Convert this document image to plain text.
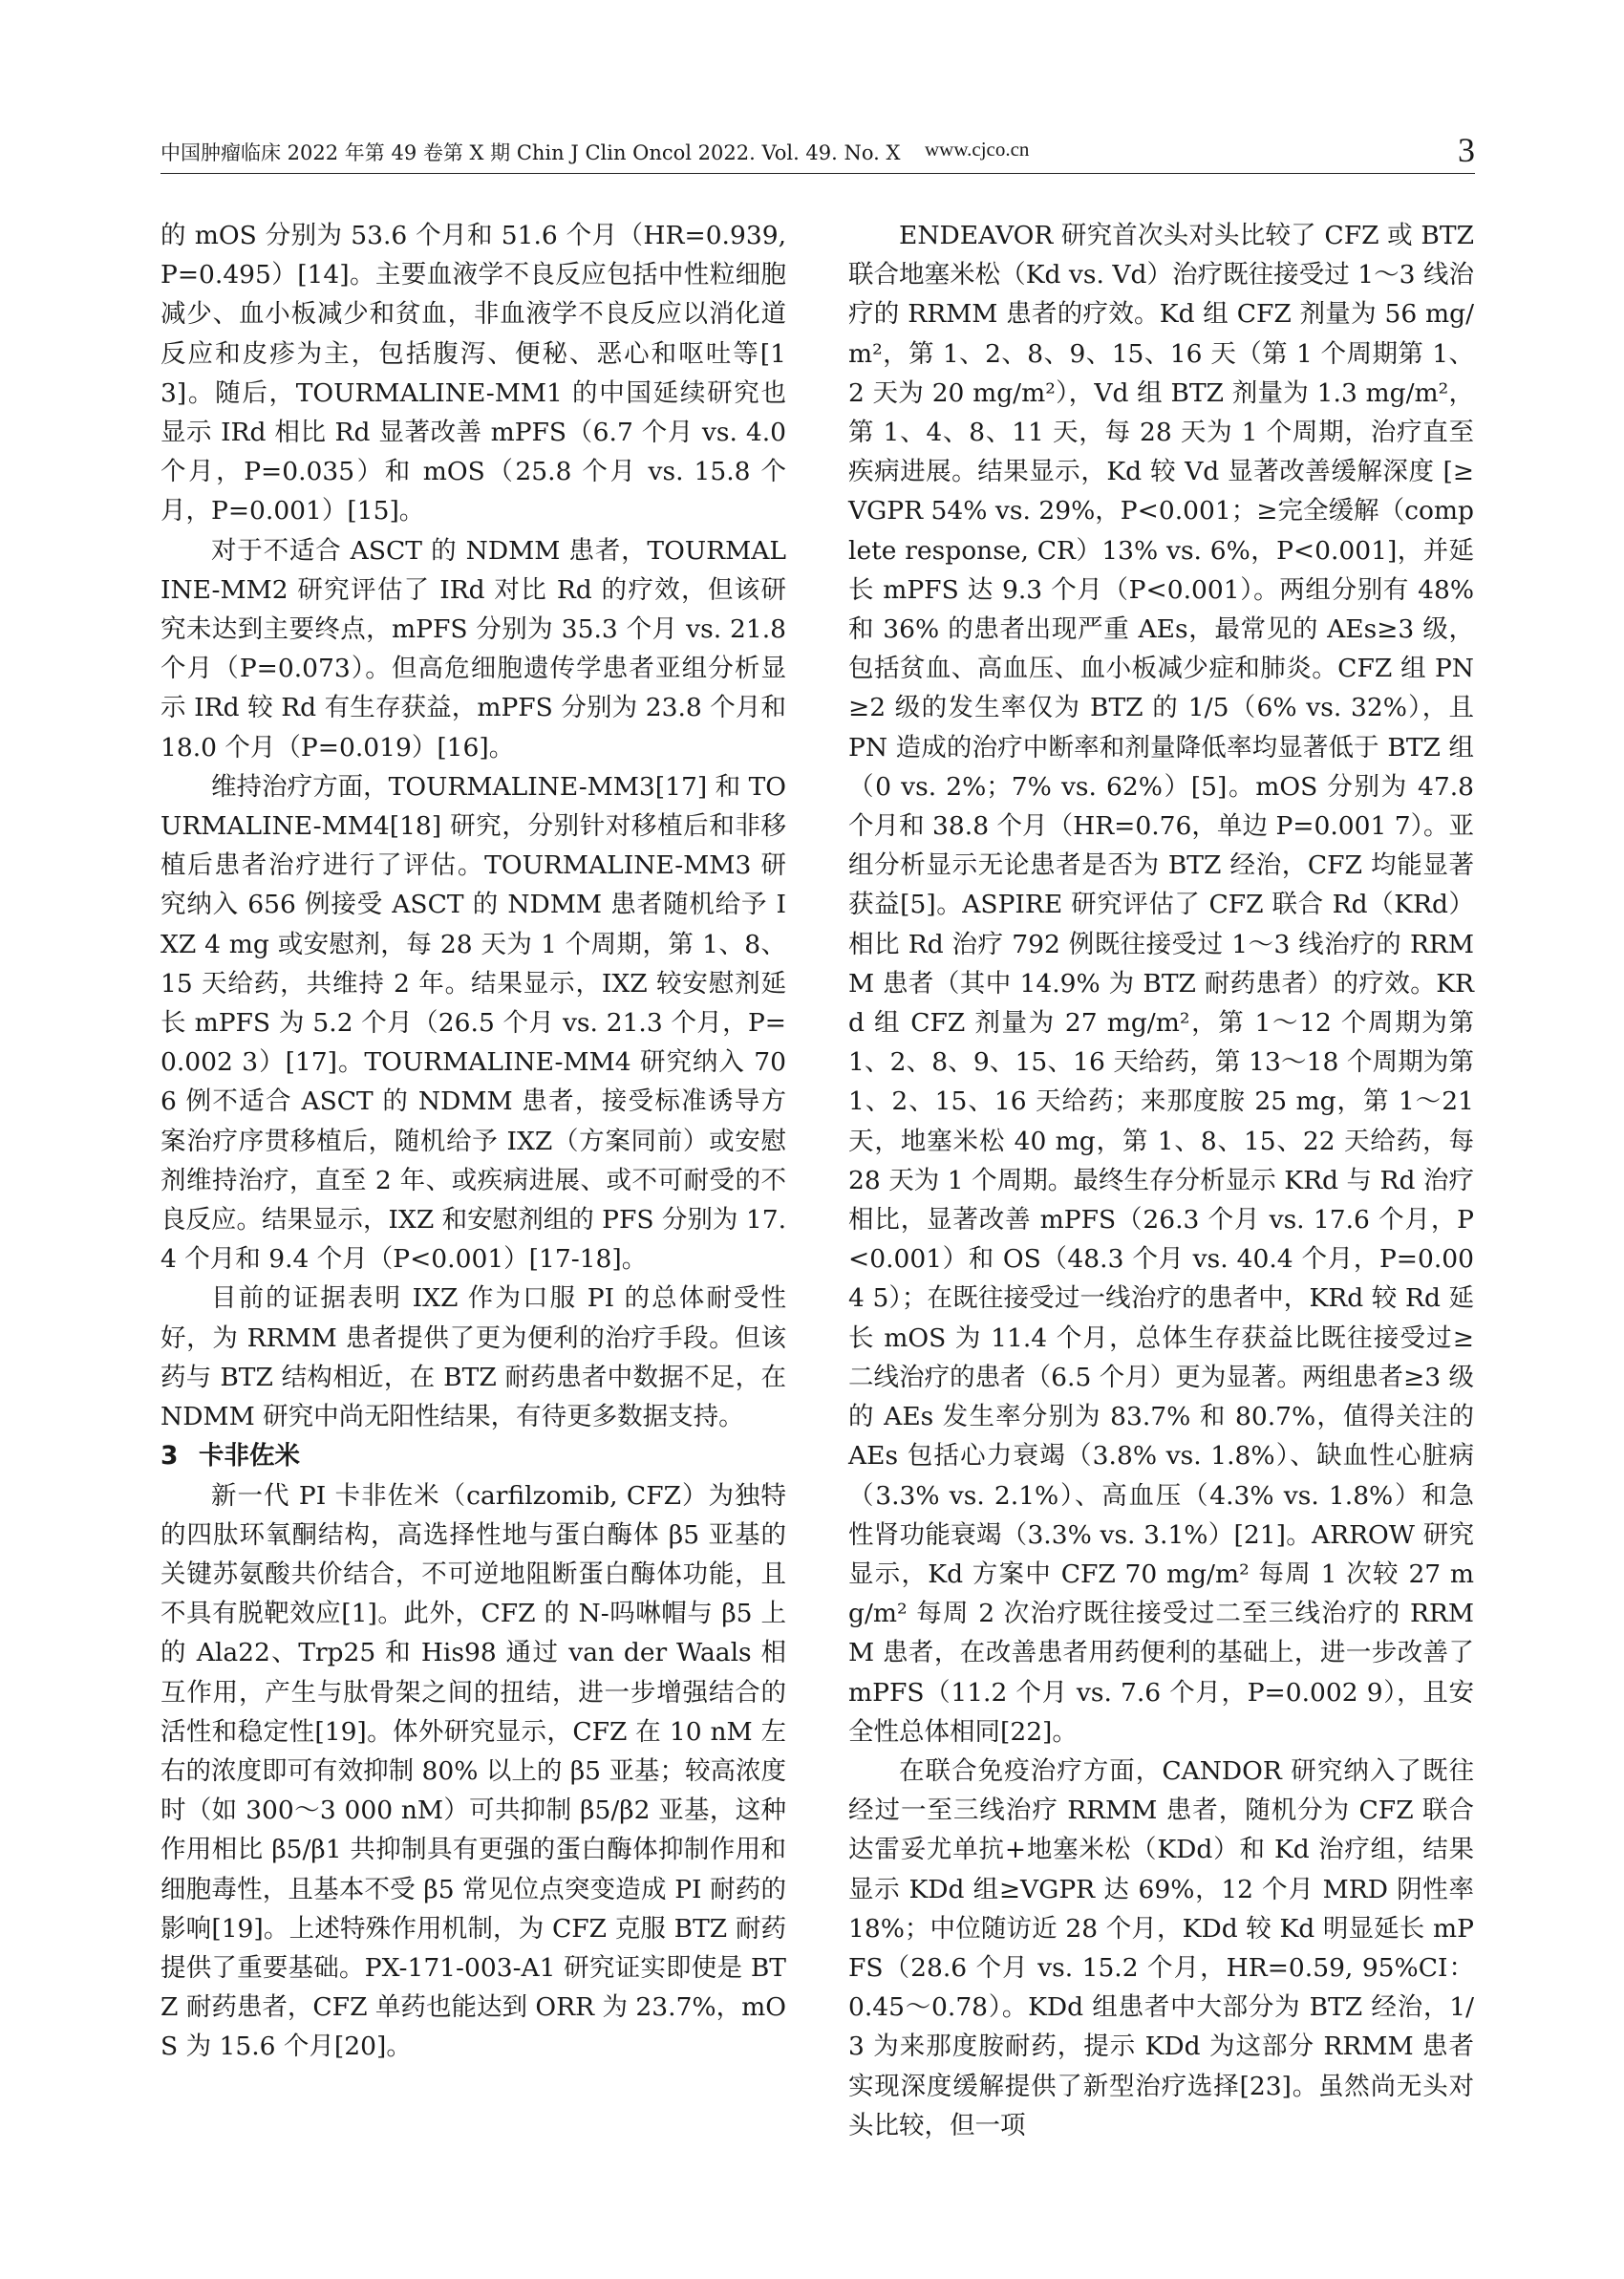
中国肿瘤临床 2022 年第 49 卷第 X 期 Chin J Clin Oncol 2022. Vol. 49. No. X www.cjco.cn	3

的 mOS 分别为 53.6 个月和 51.6 个月（HR=0.939, P=0.495）[14]。主要血液学不良反应包括中性粒细胞减少、血小板减少和贫血，非血液学不良反应以消化道反应和皮疹为主，包括腹泻、便秘、恶心和呕吐等[13]。随后，TOURMALINE-MM1 的中国延续研究也显示 IRd 相比 Rd 显著改善 mPFS（6.7 个月 vs. 4.0 个月，P=0.035）和 mOS（25.8 个月 vs. 15.8 个月，P=0.001）[15]。

对于不适合 ASCT 的 NDMM 患者，TOURMALINE-MM2 研究评估了 IRd 对比 Rd 的疗效，但该研究未达到主要终点，mPFS 分别为 35.3 个月 vs. 21.8 个月（P=0.073）。但高危细胞遗传学患者亚组分析显示 IRd 较 Rd 有生存获益，mPFS 分别为 23.8 个月和 18.0 个月（P=0.019）[16]。

维持治疗方面，TOURMALINE-MM3[17] 和 TOURMALINE-MM4[18] 研究，分别针对移植后和非移植后患者治疗进行了评估。TOURMALINE-MM3 研究纳入 656 例接受 ASCT 的 NDMM 患者随机给予 IXZ 4 mg 或安慰剂，每 28 天为 1 个周期，第 1、8、15 天给药，共维持 2 年。结果显示，IXZ 较安慰剂延长 mPFS 为 5.2 个月（26.5 个月 vs. 21.3 个月，P=0.002 3）[17]。TOURMALINE-MM4 研究纳入 706 例不适合 ASCT 的 NDMM 患者，接受标准诱导方案治疗序贯移植后，随机给予 IXZ（方案同前）或安慰剂维持治疗，直至 2 年、或疾病进展、或不可耐受的不良反应。结果显示，IXZ 和安慰剂组的 PFS 分别为 17.4 个月和 9.4 个月（P<0.001）[17-18]。

目前的证据表明 IXZ 作为口服 PI 的总体耐受性好，为 RRMM 患者提供了更为便利的治疗手段。但该药与 BTZ 结构相近，在 BTZ 耐药患者中数据不足，在 NDMM 研究中尚无阳性结果，有待更多数据支持。

3 卡非佐米

新一代 PI 卡非佐米（carfilzomib, CFZ）为独特的四肽环氧酮结构，高选择性地与蛋白酶体 β5 亚基的关键苏氨酸共价结合，不可逆地阻断蛋白酶体功能，且不具有脱靶效应[1]。此外，CFZ 的 N-吗啉帽与 β5 上的 Ala22、Trp25 和 His98 通过 van der Waals 相互作用，产生与肽骨架之间的扭结，进一步增强结合的活性和稳定性[19]。体外研究显示，CFZ 在 10 nM 左右的浓度即可有效抑制 80% 以上的 β5 亚基；较高浓度时（如 300～3 000 nM）可共抑制 β5/β2 亚基，这种作用相比 β5/β1 共抑制具有更强的蛋白酶体抑制作用和细胞毒性，且基本不受 β5 常见位点突变造成 PI 耐药的影响[19]。上述特殊作用机制，为 CFZ 克服 BTZ 耐药提供了重要基础。PX-171-003-A1 研究证实即使是 BTZ 耐药患者，CFZ 单药也能达到 ORR 为 23.7%，mOS 为 15.6 个月[20]。

ENDEAVOR 研究首次头对头比较了 CFZ 或 BTZ 联合地塞米松（Kd vs. Vd）治疗既往接受过 1～3 线治疗的 RRMM 患者的疗效。Kd 组 CFZ 剂量为 56 mg/m²，第 1、2、8、9、15、16 天（第 1 个周期第 1、2 天为 20 mg/m²），Vd 组 BTZ 剂量为 1.3 mg/m²，第 1、4、8、11 天，每 28 天为 1 个周期，治疗直至疾病进展。结果显示，Kd 较 Vd 显著改善缓解深度 [≥VGPR 54% vs. 29%，P<0.001；≥完全缓解（complete response, CR）13% vs. 6%，P<0.001]，并延长 mPFS 达 9.3 个月（P<0.001）。两组分别有 48% 和 36% 的患者出现严重 AEs，最常见的 AEs≥3 级，包括贫血、高血压、血小板减少症和肺炎。CFZ 组 PN≥2 级的发生率仅为 BTZ 的 1/5（6% vs. 32%），且 PN 造成的治疗中断率和剂量降低率均显著低于 BTZ 组（0 vs. 2%；7% vs. 62%）[5]。mOS 分别为 47.8 个月和 38.8 个月（HR=0.76，单边 P=0.001 7）。亚组分析显示无论患者是否为 BTZ 经治，CFZ 均能显著获益[5]。ASPIRE 研究评估了 CFZ 联合 Rd（KRd）相比 Rd 治疗 792 例既往接受过 1～3 线治疗的 RRMM 患者（其中 14.9% 为 BTZ 耐药患者）的疗效。KRd 组 CFZ 剂量为 27 mg/m²，第 1～12 个周期为第 1、2、8、9、15、16 天给药，第 13～18 个周期为第 1、2、15、16 天给药；来那度胺 25 mg，第 1～21 天，地塞米松 40 mg，第 1、8、15、22 天给药，每 28 天为 1 个周期。最终生存分析显示 KRd 与 Rd 治疗相比，显著改善 mPFS（26.3 个月 vs. 17.6 个月，P<0.001）和 OS（48.3 个月 vs. 40.4 个月，P=0.004 5）；在既往接受过一线治疗的患者中，KRd 较 Rd 延长 mOS 为 11.4 个月，总体生存获益比既往接受过≥二线治疗的患者（6.5 个月）更为显著。两组患者≥3 级的 AEs 发生率分别为 83.7% 和 80.7%，值得关注的 AEs 包括心力衰竭（3.8% vs. 1.8%）、缺血性心脏病（3.3% vs. 2.1%）、高血压（4.3% vs. 1.8%）和急性肾功能衰竭（3.3% vs. 3.1%）[21]。ARROW 研究显示，Kd 方案中 CFZ 70 mg/m² 每周 1 次较 27 mg/m² 每周 2 次治疗既往接受过二至三线治疗的 RRMM 患者，在改善患者用药便利的基础上，进一步改善了 mPFS（11.2 个月 vs. 7.6 个月，P=0.002 9），且安全性总体相同[22]。

在联合免疫治疗方面，CANDOR 研究纳入了既往经过一至三线治疗 RRMM 患者，随机分为 CFZ 联合达雷妥尤单抗+地塞米松（KDd）和 Kd 治疗组，结果显示 KDd 组≥VGPR 达 69%，12 个月 MRD 阴性率 18%；中位随访近 28 个月，KDd 较 Kd 明显延长 mPFS（28.6 个月 vs. 15.2 个月，HR=0.59, 95%CI：0.45～0.78）。KDd 组患者中大部分为 BTZ 经治，1/3 为来那度胺耐药，提示 KDd 为这部分 RRMM 患者实现深度缓解提供了新型治疗选择[23]。虽然尚无头对头比较，但一项
